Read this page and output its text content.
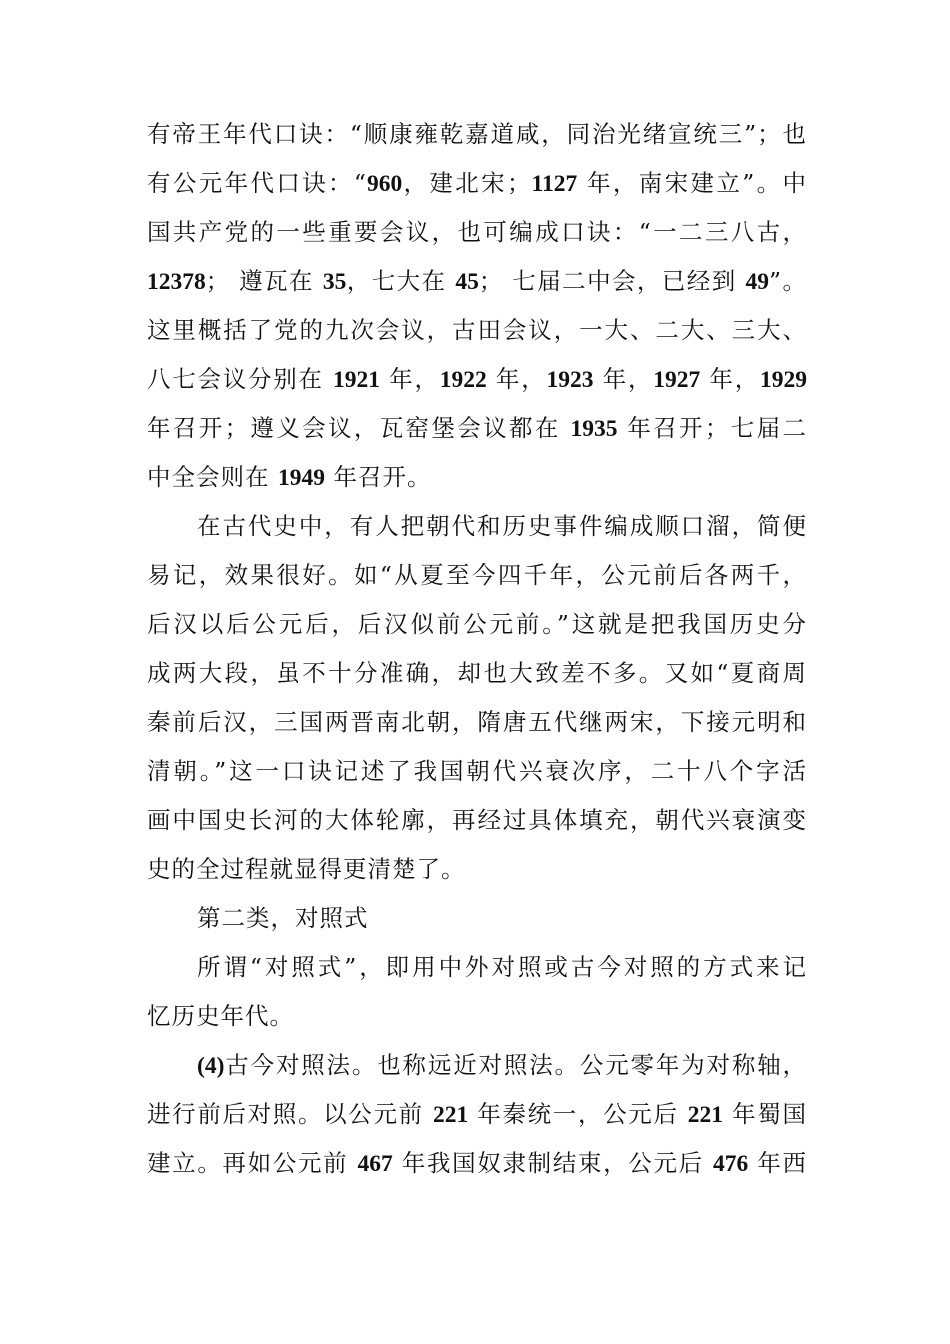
有帝王年代口诀：“顺康雍乾嘉道咸，同治光绪宣统三”；也
有公元年代口诀：“960，建北宋；1127 年，南宋建立”。中
国共产党的一些重要会议，也可编成口诀：“一二三八古，
12378； 遵瓦在 35，七大在 45； 七届二中会，已经到 49”。
这里概括了党的九次会议，古田会议，一大、二大、三大、
八七会议分别在 1921 年，1922 年，1923 年，1927 年，1929
年召开；遵义会议，瓦窑堡会议都在 1935 年召开；七届二
中全会则在 1949 年召开。
在古代史中，有人把朝代和历史事件编成顺口溜，简便
易记，效果很好。如“从夏至今四千年，公元前后各两千，
后汉以后公元后，后汉似前公元前。”这就是把我国历史分
成两大段，虽不十分准确，却也大致差不多。又如“夏商周
秦前后汉，三国两晋南北朝，隋唐五代继两宋，下接元明和
清朝。”这一口诀记述了我国朝代兴衰次序，二十八个字活
画中国史长河的大体轮廓，再经过具体填充，朝代兴衰演变
史的全过程就显得更清楚了。
第二类，对照式
所谓“对照式”，即用中外对照或古今对照的方式来记
忆历史年代。
(4)古今对照法。也称远近对照法。公元零年为对称轴，
进行前后对照。以公元前 221 年秦统一，公元后 221 年蜀国
建立。再如公元前 467 年我国奴隶制结束，公元后 476 年西
